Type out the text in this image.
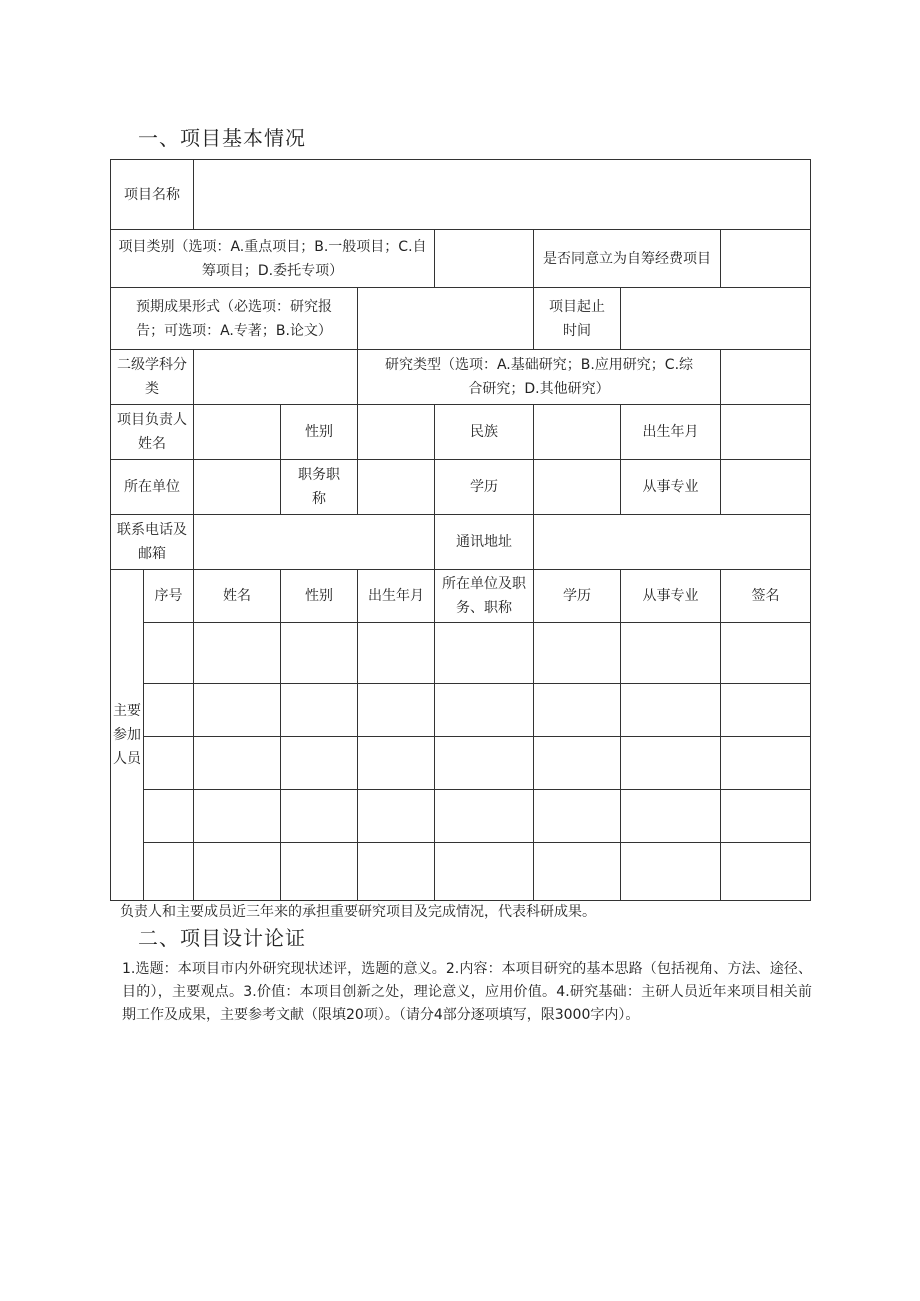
一、项目基本情况
项目名称								
项目类别（选项：A.重点项目；B.一般项目；C.自筹项目；D.委托专项）						是否同意立为自筹经费项目		
预期成果形式（必选项：研究报告；可选项：A.专著；B.论文）						项目起止时间		
二级学科分类				研究类型（选项：A.基础研究；B.应用研究；C.综合研究；D.其他研究）				
项目负责人姓名			性别		民族		出生年月	
所在单位			职务职称		学历		从事专业	
联系电话及邮箱					通讯地址			
主要参加人员	序号	姓名	性别	出生年月	所在单位及职务、职称	学历	从事专业	签名

负责人和主要成员近三年来的承担重要研究项目及完成情况，代表科研成果。
二、项目设计论证
1.选题：本项目市内外研究现状述评，选题的意义。2.内容：本项目研究的基本思路（包括视角、方法、途径、目的），主要观点。3.价值：本项目创新之处，理论意义，应用价值。4.研究基础：主研人员近年来项目相关前期工作及成果，主要参考文献（限填20项）。（请分4部分逐项填写，限3000字内）。
